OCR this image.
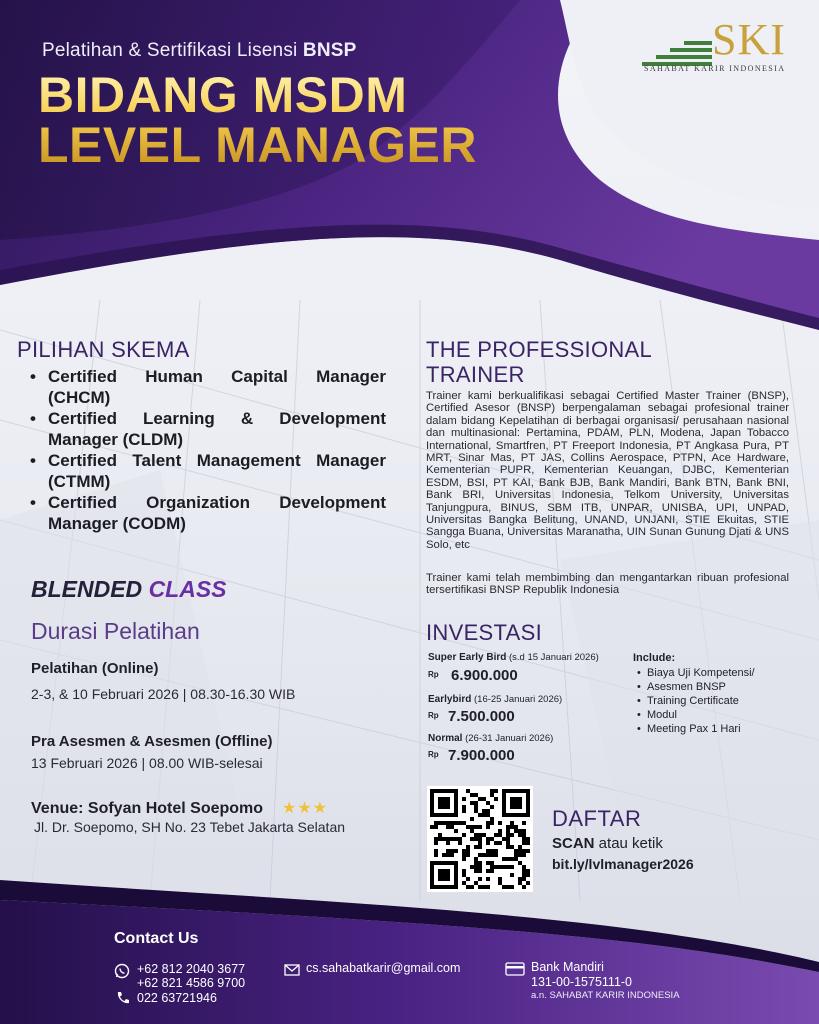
Pelatihan & Sertifikasi Lisensi BNSP
BIDANG MSDM
LEVEL MANAGER
SKI
SAHABAT KARIR INDONESIA
PILIHAN SKEMA
• Certified Human Capital Manager
(CHCM)
• Certified Learning & Development
Manager (CLDM)
• Certified Talent Management Manager
(CTMM)
• Certified Organization Development
Manager (CODM)
BLENDED CLASS
Durasi Pelatihan
Pelatihan (Online)
2-3, & 10 Februari 2026 | 08.30-16.30 WIB
Pra Asesmen & Asesmen (Offline)
13 Februari 2026 | 08.00 WIB-selesai
Venue: Sofyan Hotel Soepomo ★★★
Jl. Dr. Soepomo, SH No. 23 Tebet Jakarta Selatan
THE PROFESSIONAL
TRAINER
Trainer kami berkualifikasi sebagai Certified Master Trainer (BNSP), Certified Asesor (BNSP) berpengalaman sebagai profesional trainer dalam bidang Kepelatihan di berbagai organisasi/ perusahaan nasional dan multinasional: Pertamina, PDAM, PLN, Modena, Japan Tobacco International, Smartfren, PT Freeport Indonesia, PT Angkasa Pura, PT MRT, Sinar Mas, PT JAS, Collins Aerospace, PTPN, Ace Hardware, Kementerian PUPR, Kementerian Keuangan, DJBC, Kementerian ESDM, BSI, PT KAI, Bank BJB, Bank Mandiri, Bank BTN, Bank BNI, Bank BRI, Universitas Indonesia, Telkom University, Universitas Tanjungpura, BINUS, SBM ITB, UNPAR, UNISBA, UPI, UNPAD, Universitas Bangka Belitung, UNAND, UNJANI, STIE Ekuitas, STIE Sangga Buana, Universitas Maranatha, UIN Sunan Gunung Djati & UNS Solo, etc
Trainer kami telah membimbing dan mengantarkan ribuan profesional tersertifikasi BNSP Republik Indonesia
INVESTASI
Super Early Bird (s.d 15 Januari 2026)
Rp 6.900.000
Earlybird (16-25 Januari 2026)
Rp 7.500.000
Normal (26-31 Januari 2026)
Rp 7.900.000
Include:
• Biaya Uji Kompetensi/
• Asesmen BNSP
• Training Certificate
• Modul
• Meeting Pax 1 Hari
DAFTAR
SCAN atau ketik
bit.ly/lvlmanager2026
Contact Us
+62 812 2040 3677
+62 821 4586 9700
022 63721946
cs.sahabatkarir@gmail.com	Bank Mandiri
131-00-1575111-0
a.n. SAHABAT KARIR INDONESIA
